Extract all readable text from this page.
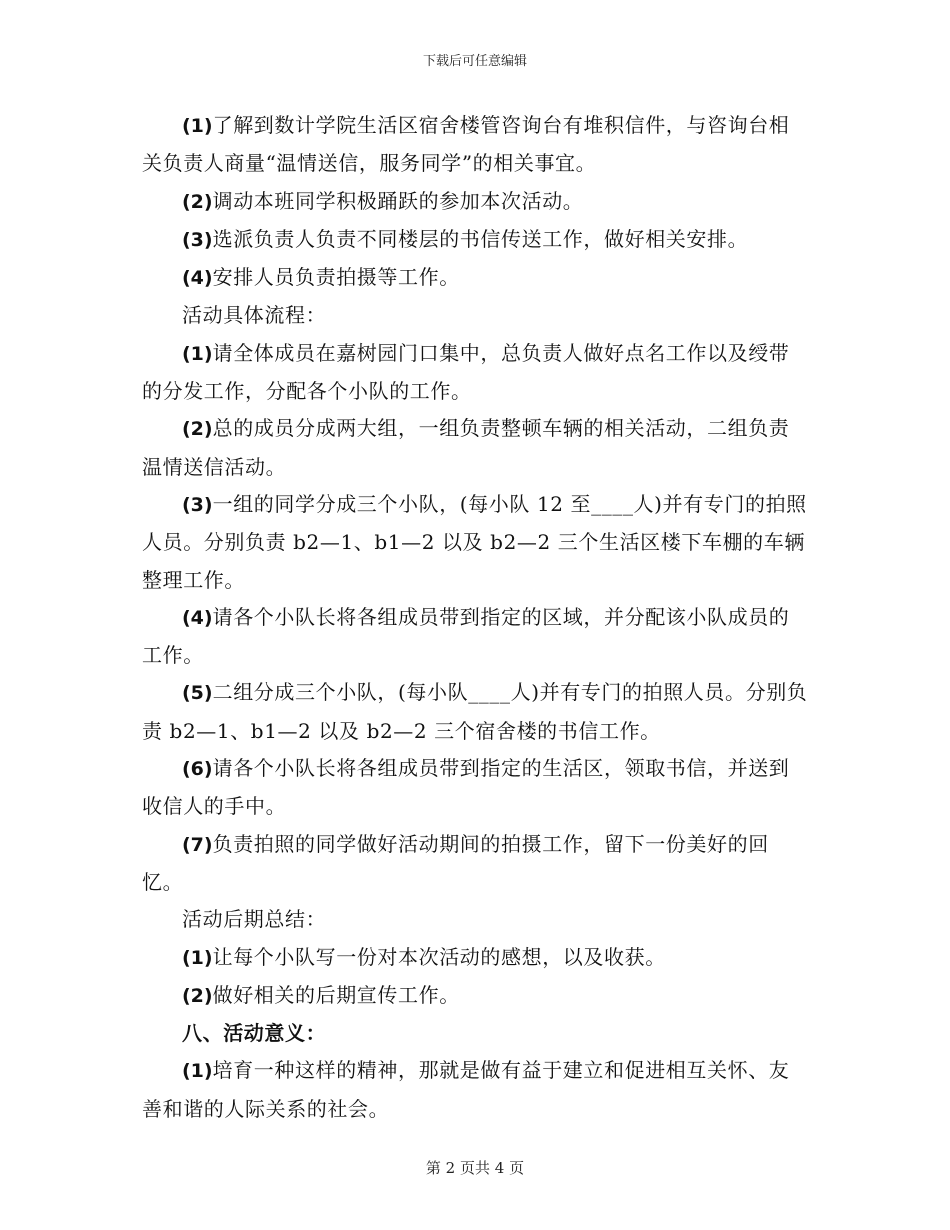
下载后可任意编辑

(1)了解到数计学院生活区宿舍楼管咨询台有堆积信件，与咨询台相关负责人商量“温情送信，服务同学”的相关事宜。

(2)调动本班同学积极踊跃的参加本次活动。

(3)选派负责人负责不同楼层的书信传送工作，做好相关安排。

(4)安排人员负责拍摄等工作。

活动具体流程：

(1)请全体成员在嘉树园门口集中，总负责人做好点名工作以及绶带的分发工作，分配各个小队的工作。

(2)总的成员分成两大组，一组负责整顿车辆的相关活动，二组负责温情送信活动。

(3)一组的同学分成三个小队，(每小队 12 至____人)并有专门的拍照人员。分别负责 b2—1、b1—2 以及 b2—2 三个生活区楼下车棚的车辆整理工作。

(4)请各个小队长将各组成员带到指定的区域，并分配该小队成员的工作。

(5)二组分成三个小队，(每小队____人)并有专门的拍照人员。分别负责 b2—1、b1—2 以及 b2—2 三个宿舍楼的书信工作。

(6)请各个小队长将各组成员带到指定的生活区，领取书信，并送到收信人的手中。

(7)负责拍照的同学做好活动期间的拍摄工作，留下一份美好的回忆。

活动后期总结：

(1)让每个小队写一份对本次活动的感想，以及收获。

(2)做好相关的后期宣传工作。

八、活动意义：

(1)培育一种这样的精神，那就是做有益于建立和促进相互关怀、友善和谐的人际关系的社会。

第 2 页共 4 页
